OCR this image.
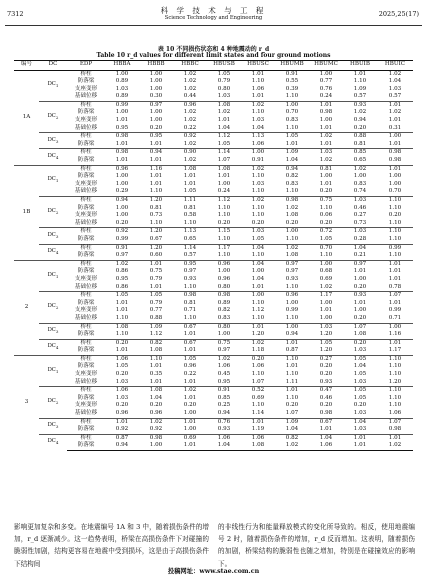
7312	科 学 技 术 与 工 程
Science Technology and Engineering	2025,25(17)
表 10 不同损伤状态和 4 种地震动的 r_d
Table 10 r_d values for different limit states and four ground motions
编号	DC	EDP	HBBA	HBBB	HBBC	HBUSB	HBUSC	HBUMB	HBUMC	HBUIB	HBUIC
1A	$DC_1$	桥柱	1.00	1.00	1.02	1.05	1.01	0.91	1.00	1.01	1.02
		防落梁	0.89	1.00	1.02	0.79	1.10	0.55	0.77	1.10	1.04
		支座变形	1.03	1.00	1.02	0.80	1.06	0.39	0.76	1.09	1.03
		基础位移	0.89	0.30	0.44	1.03	1.01	1.10	0.24	0.57	0.57
	$DC_2$	桥柱	0.99	0.97	0.96	1.08	1.02	1.00	1.01	0.93	1.01
		防落梁	1.00	1.00	1.02	1.02	1.10	0.70	0.98	1.02	1.02
		支座变形	1.01	1.00	1.02	1.01	1.03	0.83	1.00	0.94	1.01
		基础位移	0.95	0.20	0.22	1.04	1.04	1.10	1.01	0.20	0.31
	$DC_3$	桥柱	0.98	0.95	0.92	1.12	1.13	1.05	1.02	0.88	1.00
		防落梁	1.01	1.01	1.02	1.05	1.06	1.01	1.01	0.81	1.01
	$DC_4$	桥柱	0.98	0.94	0.90	1.14	1.00	1.09	1.03	0.85	0.98
		防落梁	1.01	1.01	1.02	1.07	0.91	1.04	1.02	0.65	0.98
1B	$DC_1$	桥柱	0.96	1.16	1.08	1.08	1.02	0.94	0.81	1.02	1.01
		防落梁	1.00	1.01	1.01	1.01	1.10	0.82	1.00	1.00	1.00
		支座变形	1.00	1.01	1.01	1.00	1.03	0.83	1.01	0.83	1.00
		基础位移	0.29	1.10	1.05	0.24	1.10	1.10	0.20	0.74	0.70
	$DC_2$	桥柱	0.94	1.20	1.11	1.12	1.02	0.98	0.75	1.03	1.10
		防落梁	1.00	0.81	0.81	1.10	1.10	1.02	1.10	0.46	1.10
		支座变形	1.00	0.73	0.58	1.10	1.10	1.08	0.06	0.27	0.20
		基础位移	0.20	1.10	1.10	0.20	0.20	0.20	0.20	0.73	1.10
	$DC_3$	桥柱	0.92	1.20	1.13	1.15	1.03	1.00	0.72	1.03	1.10
		防落梁	0.99	0.67	0.65	1.10	1.05	1.10	1.05	0.28	1.10
	$DC_4$	桥柱	0.91	1.20	1.14	1.17	1.04	1.02	0.70	1.04	0.99
		防落梁	0.97	0.60	0.57	1.10	1.10	1.08	1.10	0.21	1.10
2	$DC_1$	桥柱	1.02	1.01	0.95	0.96	1.04	0.97	1.00	0.97	1.01
		防落梁	0.86	0.75	0.97	1.00	1.00	0.97	0.68	1.01	1.01
		支座变形	0.95	0.79	0.93	0.96	1.04	0.93	0.69	1.00	1.01
		基础位移	0.86	1.01	1.10	0.80	1.01	1.10	1.02	0.20	0.78
	$DC_2$	桥柱	1.05	1.05	0.98	0.98	1.00	0.96	1.17	0.93	1.07
		防落梁	1.01	0.79	0.81	0.89	1.10	1.00	1.00	1.01	1.01
		支座变形	1.01	0.77	0.71	0.82	1.12	0.99	1.01	1.00	0.99
		基础位移	1.10	0.88	1.10	0.83	1.10	1.10	1.00	0.20	0.71
	$DC_3$	桥柱	1.08	1.09	0.67	0.80	1.01	1.00	1.03	1.07	1.00
		防落梁	1.10	1.12	1.01	1.00	1.20	0.94	1.20	1.08	1.16
	$DC_4$	桥柱	0.20	0.82	0.67	0.75	1.02	1.01	1.05	0.20	1.01
		防落梁	1.01	1.08	1.01	0.97	1.18	0.87	1.20	1.03	1.17
3	$DC_1$	桥柱	1.06	1.10	1.05	1.02	0.20	1.10	0.27	1.05	1.10
		防落梁	1.05	1.01	0.96	1.06	1.06	1.01	0.20	1.04	1.10
		支座变形	0.20	0.35	0.22	0.45	1.10	1.10	0.20	1.05	1.10
		基础位移	1.03	1.01	1.01	0.95	1.07	1.11	0.93	1.03	1.20
	$DC_2$	桥柱	1.06	1.08	1.02	0.91	0.52	1.01	0.47	1.05	1.10
		防落梁	1.03	1.04	1.01	0.85	0.69	1.10	0.46	1.05	1.10
		支座变形	0.20	0.20	0.20	0.25	1.10	0.20	0.20	0.20	1.10
		基础位移	0.96	0.96	1.00	0.94	1.14	1.07	0.98	1.03	1.06
	$DC_3$	桥柱	1.01	1.02	1.01	0.76	1.01	1.09	0.67	1.04	1.07
		防落梁	0.92	0.92	1.00	0.93	1.19	1.04	1.01	1.03	0.98
	$DC_4$	桥柱	0.87	0.98	0.69	1.06	1.06	0.82	1.04	1.01	1.01
		防落梁	0.94	1.00	1.01	1.04	1.08	1.02	1.06	1.01	1.02
影响更加复杂和多变。在地震编号 1A 和 3 中，随着损伤条件的增加，r_d 逐渐减少。这一趋势表明，桥梁在高损伤条件下对碰撞的脆弱性加剧，结构更容易在地震中受到损坏，这是由于高损伤条件下结构间
的非线性行为和能量释放模式的变化所导致的。相反，使用地震编号 2 时，随着损伤条件的增加，r_d 反而增加。这表明，随着损伤的加剧，桥梁结构的脆弱性也随之增加，特别是在碰撞效应的影响下。
投稿网址：www.stae.com.cn
